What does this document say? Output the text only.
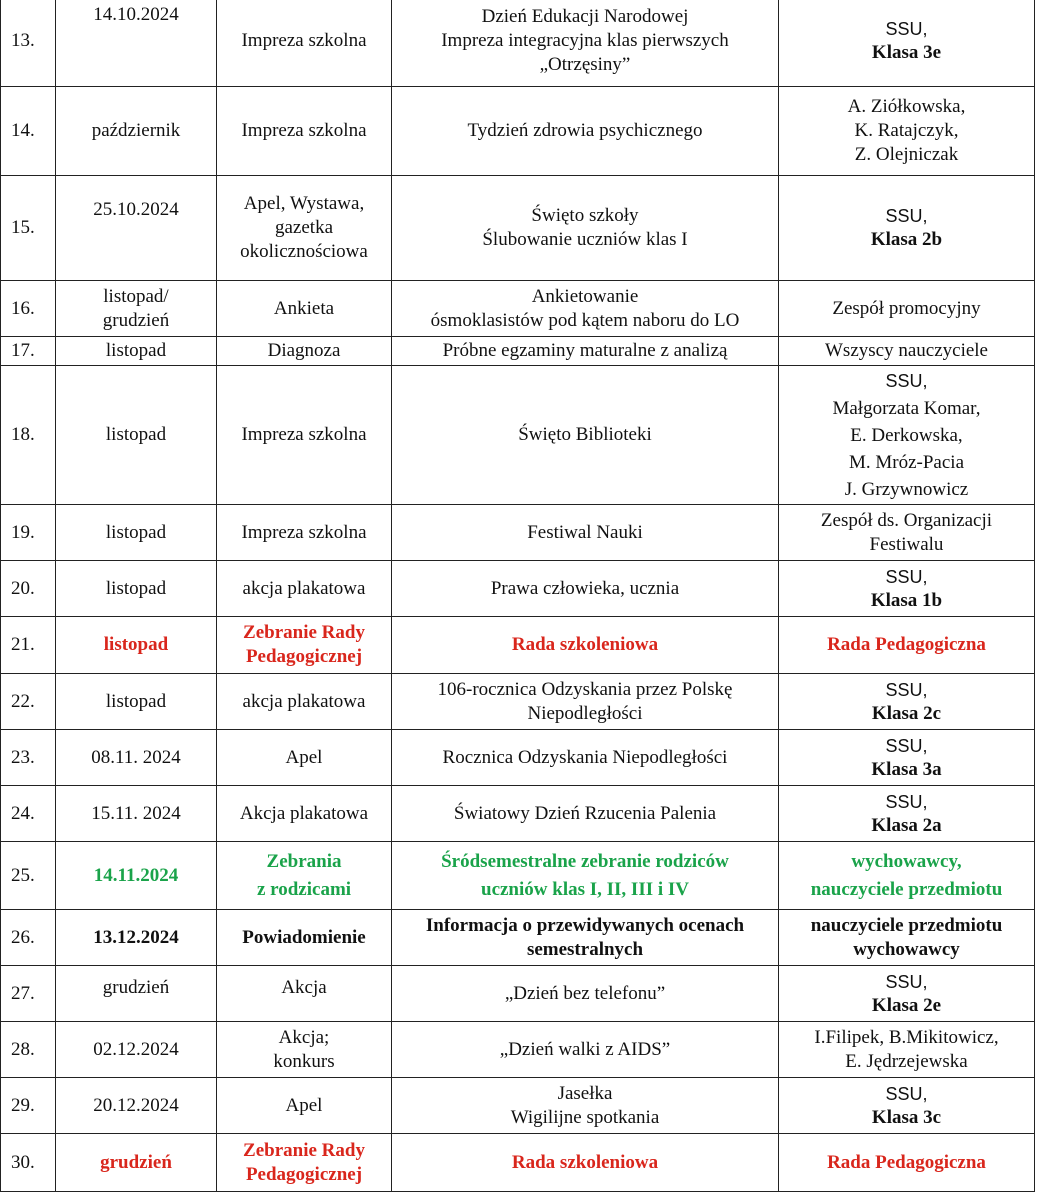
13.	14.10.2024	Impreza szkolna	Dzień Edukacji Narodowej
Impreza integracyjna klas pierwszych
„Otrzęsiny”	SSU,
Klasa 3e

14.	październik	Impreza szkolna	Tydzień zdrowia psychicznego	A. Ziółkowska,
K. Ratajczyk,
Z. Olejniczak

15.	25.10.2024	Apel, Wystawa,
gazetka
okolicznościowa	Święto szkoły
Ślubowanie uczniów klas I	SSU,
Klasa 2b

16.	listopad/
grudzień	Ankieta	Ankietowanie
ósmoklasistów pod kątem naboru do LO	Zespół promocyjny

17.	listopad	Diagnoza	Próbne egzaminy maturalne z analizą	Wszyscy nauczyciele

18.	listopad	Impreza szkolna	Święto Biblioteki	SSU,
Małgorzata Komar,
E. Derkowska,
M. Mróz-Pacia
J. Grzywnowicz

19.	listopad	Impreza szkolna	Festiwal Nauki	Zespół ds. Organizacji
Festiwalu

20.	listopad	akcja plakatowa	Prawa człowieka, ucznia	SSU,
Klasa 1b

21.	listopad	Zebranie Rady
Pedagogicznej	Rada szkoleniowa	Rada Pedagogiczna

22.	listopad	akcja plakatowa	106-rocznica Odzyskania przez Polskę
Niepodległości	SSU,
Klasa 2c

23.	08.11. 2024	Apel	Rocznica Odzyskania Niepodległości	SSU,
Klasa 3a

24.	15.11. 2024	Akcja plakatowa	Światowy Dzień Rzucenia Palenia	SSU,
Klasa 2a

25.	14.11.2024	Zebrania
z rodzicami	Śródsemestralne zebranie rodziców
uczniów klas I, II, III i IV	wychowawcy,
nauczyciele przedmiotu

26.	13.12.2024	Powiadomienie	Informacja o przewidywanych ocenach
semestralnych	nauczyciele przedmiotu
wychowawcy

27.	grudzień	Akcja	„Dzień bez telefonu”	SSU,
Klasa 2e

28.	02.12.2024	Akcja;
konkurs	„Dzień walki z AIDS”	I.Filipek, B.Mikitowicz,
E. Jędrzejewska

29.	20.12.2024	Apel	Jasełka
Wigilijne spotkania	SSU,
Klasa 3c

30.	grudzień	Zebranie Rady
Pedagogicznej	Rada szkoleniowa	Rada Pedagogiczna
